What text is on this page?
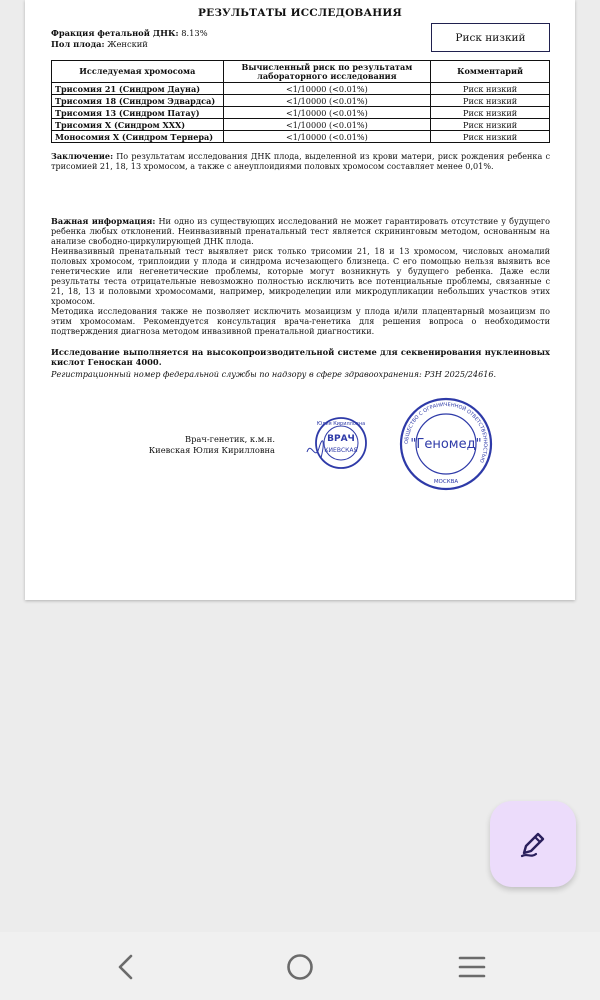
РЕЗУЛЬТАТЫ ИССЛЕДОВАНИЯ
Фракция фетальной ДНК: 8.13%
Пол плода: Женский	Риск низкий
Исследуемая хромосома	Вычисленный риск по результатам лабораторного исследования	Комментарий
Трисомия 21 (Синдром Дауна)	<1/10000 (<0.01%)	Риск низкий
Трисомия 18 (Синдром Эдвардса)	<1/10000 (<0.01%)	Риск низкий
Трисомия 13 (Синдром Патау)	<1/10000 (<0.01%)	Риск низкий
Трисомия Х (Синдром ХХХ)	<1/10000 (<0.01%)	Риск низкий
Моносомия Х (Синдром Тернера)	<1/10000 (<0.01%)	Риск низкий
Заключение: По результатам исследования ДНК плода, выделенной из крови матери, риск рождения ребенка с трисомией 21, 18, 13 хромосом, а также с анеуплоидиями половых хромосом составляет менее 0,01%.
Важная информация: Ни одно из существующих исследований не может гарантировать отсутствие у будущего ребенка любых отклонений. Неинвазивный пренатальный тест является скрининговым методом, основанным на анализе свободно-циркулирующей ДНК плода.
Неинвазивный пренатальный тест выявляет риск только трисомии 21, 18 и 13 хромосом, числовых аномалий половых хромосом, триплоидии у плода и синдрома исчезающего близнеца. С его помощью нельзя выявить все генетические или негенетические проблемы, которые могут возникнуть у будущего ребенка. Даже если результаты теста отрицательные невозможно полностью исключить все потенциальные проблемы, связанные с 21, 18, 13 и половыми хромосомами, например, микроделеции или микродупликации небольших участков этих хромосом.
Методика исследования также не позволяет исключить мозаицизм у плода и/или плацентарный мозаицизм по этим хромосомам. Рекомендуется консультация врача-генетика для решения вопроса о необходимости подтверждения диагноза методом инвазивной пренатальной диагностики.
Исследование выполняется на высокопроизводительной системе для секвенирования нуклеиновых кислот Геноскан 4000.
Регистрационный номер федеральной службы по надзору в сфере здравоохранения: РЗН 2025/24616.
Врач-генетик, к.м.н.
Киевская Юлия Кирилловна
Юлия Кирилловна
ВРАЧ
КИЕВСКАЯ
ОБЩЕСТВО С ОГРАНИЧЕННОЙ ОТВЕТСТВЕННОСТЬЮ
"Геномед"
МОСКВА
